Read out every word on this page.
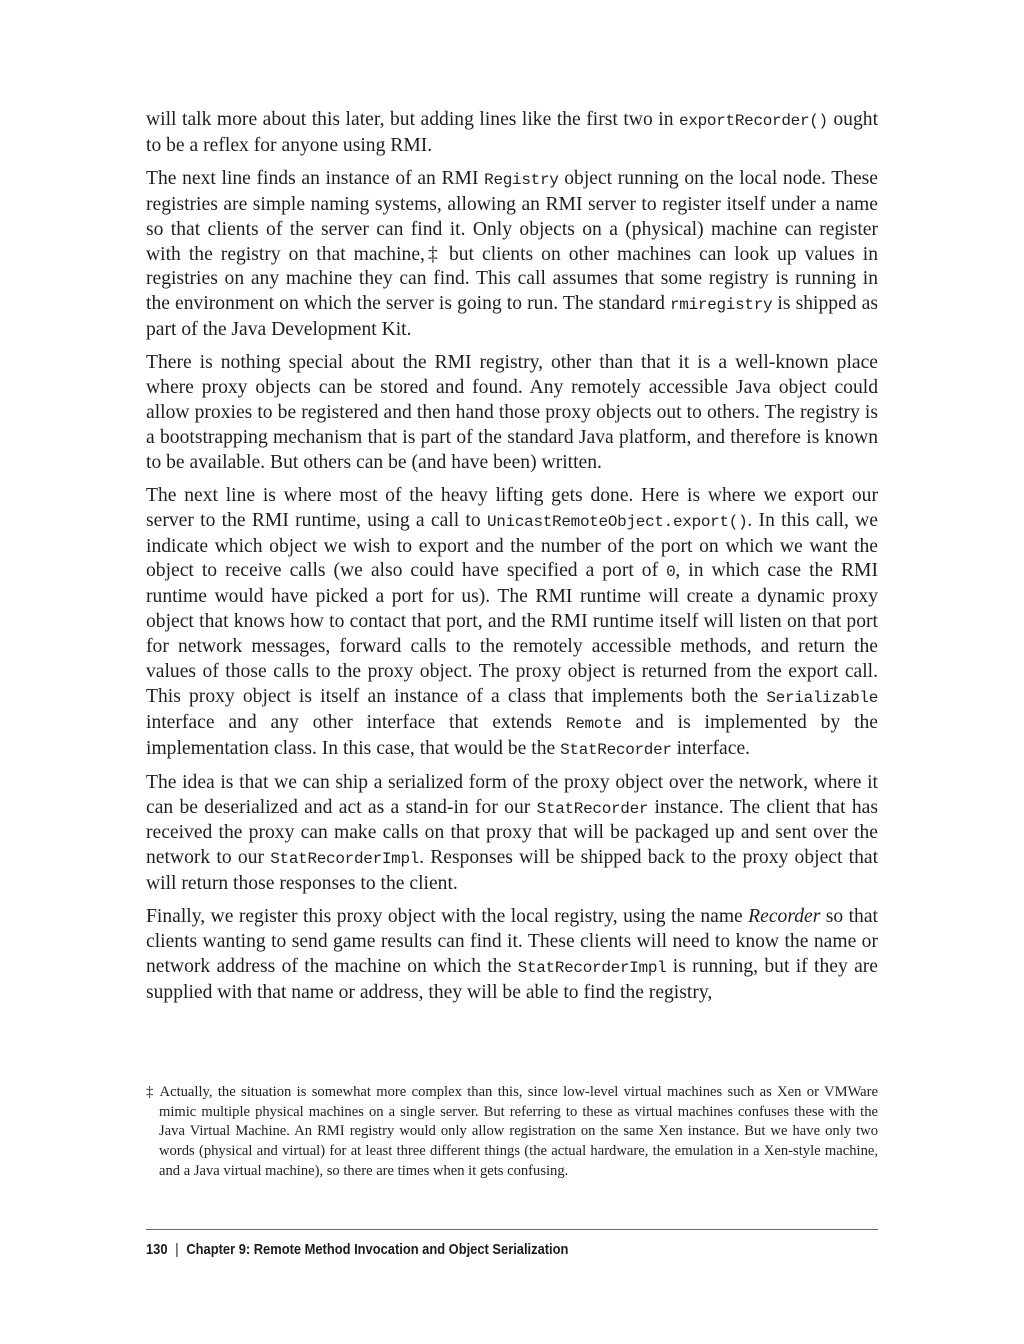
will talk more about this later, but adding lines like the first two in exportRecorder() ought to be a reflex for anyone using RMI.

The next line finds an instance of an RMI Registry object running on the local node. These registries are simple naming systems, allowing an RMI server to register itself under a name so that clients of the server can find it. Only objects on a (physical) machine can register with the registry on that machine,‡ but clients on other machines can look up values in registries on any machine they can find. This call assumes that some registry is running in the environment on which the server is going to run. The standard rmiregistry is shipped as part of the Java Development Kit.

There is nothing special about the RMI registry, other than that it is a well-known place where proxy objects can be stored and found. Any remotely accessible Java object could allow proxies to be registered and then hand those proxy objects out to others. The registry is a bootstrapping mechanism that is part of the standard Java platform, and therefore is known to be available. But others can be (and have been) written.

The next line is where most of the heavy lifting gets done. Here is where we export our server to the RMI runtime, using a call to UnicastRemoteObject.export(). In this call, we indicate which object we wish to export and the number of the port on which we want the object to receive calls (we also could have specified a port of 0, in which case the RMI runtime would have picked a port for us). The RMI runtime will create a dynamic proxy object that knows how to contact that port, and the RMI runtime itself will listen on that port for network messages, forward calls to the remotely accessible methods, and return the values of those calls to the proxy object. The proxy object is returned from the export call. This proxy object is itself an instance of a class that implements both the Serializable interface and any other interface that extends Remote and is implemented by the implementation class. In this case, that would be the StatRecorder interface.

The idea is that we can ship a serialized form of the proxy object over the network, where it can be deserialized and act as a stand-in for our StatRecorder instance. The client that has received the proxy can make calls on that proxy that will be packaged up and sent over the network to our StatRecorderImpl. Responses will be shipped back to the proxy object that will return those responses to the client.

Finally, we register this proxy object with the local registry, using the name Recorder so that clients wanting to send game results can find it. These clients will need to know the name or network address of the machine on which the StatRecorderImpl is running, but if they are supplied with that name or address, they will be able to find the registry,

‡ Actually, the situation is somewhat more complex than this, since low-level virtual machines such as Xen or VMWare mimic multiple physical machines on a single server. But referring to these as virtual machines confuses these with the Java Virtual Machine. An RMI registry would only allow registration on the same Xen instance. But we have only two words (physical and virtual) for at least three different things (the actual hardware, the emulation in a Xen-style machine, and a Java virtual machine), so there are times when it gets confusing.
130 | Chapter 9: Remote Method Invocation and Object Serialization
